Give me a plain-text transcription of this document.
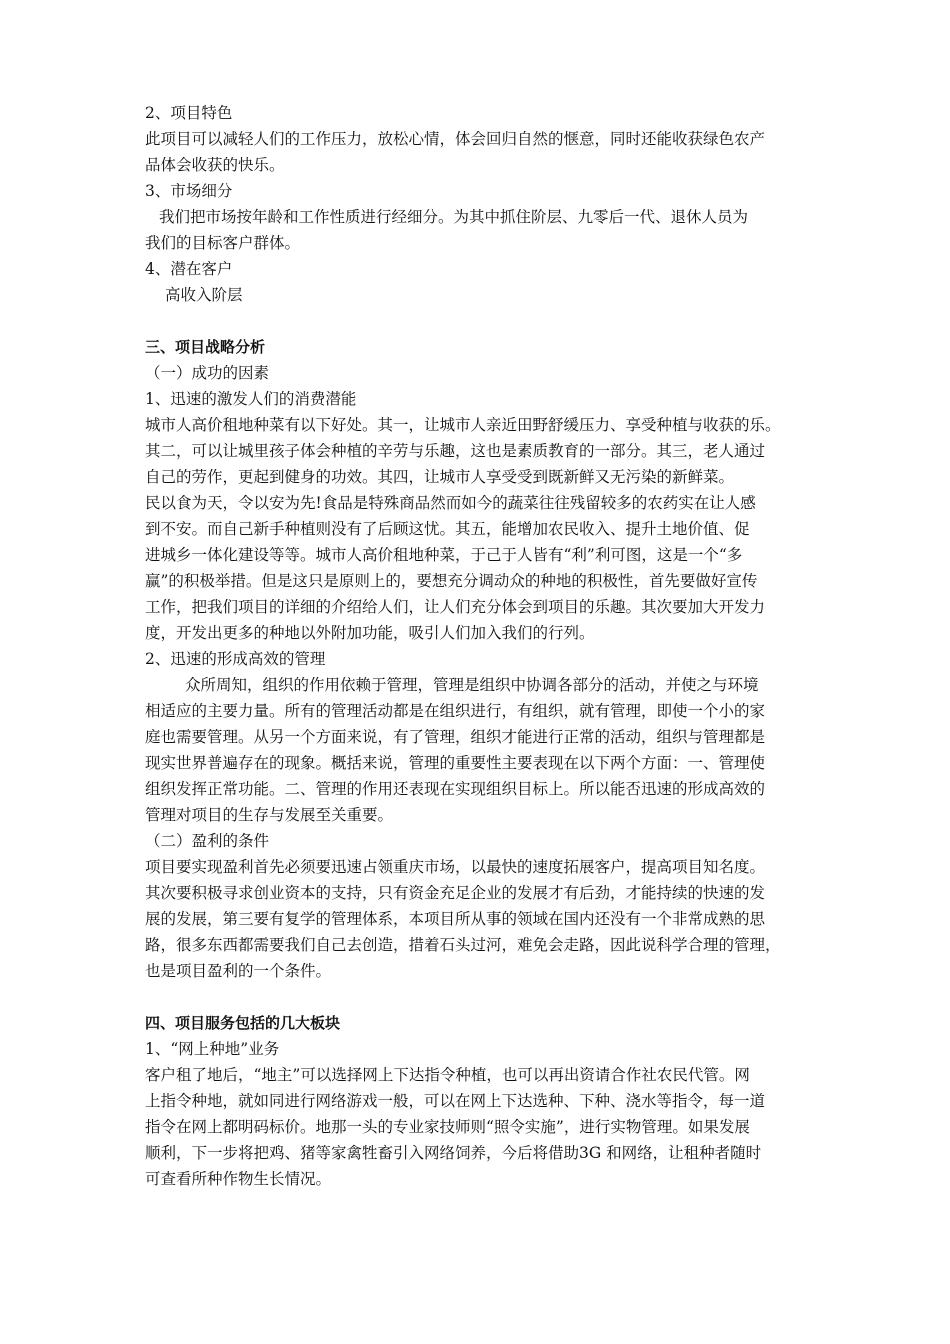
2、项目特色
此项目可以减轻人们的工作压力，放松心情，体会回归自然的惬意，同时还能收获绿色农产
品体会收获的快乐。
3、市场细分
我们把市场按年龄和工作性质进行经细分。为其中抓住阶层、九零后一代、退休人员为
我们的目标客户群体。
4、潜在客户
高收入阶层
三、项目战略分析
（一）成功的因素
1、迅速的激发人们的消费潜能
城市人高价租地种菜有以下好处。其一，让城市人亲近田野舒缓压力、享受种植与收获的乐。
其二，可以让城里孩子体会种植的辛劳与乐趣，这也是素质教育的一部分。其三，老人通过
自己的劳作，更起到健身的功效。其四，让城市人享受受到既新鲜又无污染的新鲜菜。
民以食为天，令以安为先!食品是特殊商品然而如今的蔬菜往往残留较多的农药实在让人感
到不安。而自己新手种植则没有了后顾这忧。其五，能增加农民收入、提升土地价值、促
进城乡一体化建设等等。城市人高价租地种菜，于己于人皆有“利”利可图，这是一个“多
赢”的积极举措。但是这只是原则上的，要想充分调动众的种地的积极性，首先要做好宣传
工作，把我们项目的详细的介绍给人们，让人们充分体会到项目的乐趣。其次要加大开发力
度，开发出更多的种地以外附加功能，吸引人们加入我们的行列。
2、迅速的形成高效的管理
众所周知，组织的作用依赖于管理，管理是组织中协调各部分的活动，并使之与环境
相适应的主要力量。所有的管理活动都是在组织进行，有组织，就有管理，即使一个小的家
庭也需要管理。从另一个方面来说，有了管理，组织才能进行正常的活动，组织与管理都是
现实世界普遍存在的现象。概括来说，管理的重要性主要表现在以下两个方面：一、管理使
组织发挥正常功能。二、管理的作用还表现在实现组织目标上。所以能否迅速的形成高效的
管理对项目的生存与发展至关重要。
（二）盈利的条件
项目要实现盈利首先必须要迅速占领重庆市场，以最快的速度拓展客户，提高项目知名度。
其次要积极寻求创业资本的支持，只有资金充足企业的发展才有后劲，才能持续的快速的发
展的发展，第三要有复学的管理体系，本项目所从事的领域在国内还没有一个非常成熟的思
路，很多东西都需要我们自己去创造，措着石头过河，难免会走路，因此说科学合理的管理，
也是项目盈利的一个条件。
四、项目服务包括的几大板块
1、“网上种地”业务
客户租了地后，“地主”可以选择网上下达指令种植，也可以再出资请合作社农民代管。网
上指令种地，就如同进行网络游戏一般，可以在网上下达选种、下种、浇水等指令，每一道
指令在网上都明码标价。地那一头的专业家技师则“照令实施”，进行实物管理。如果发展
顺利，下一步将把鸡、猪等家禽牲畜引入网络饲养，今后将借助3G 和网络，让租种者随时
可查看所种作物生长情况。
